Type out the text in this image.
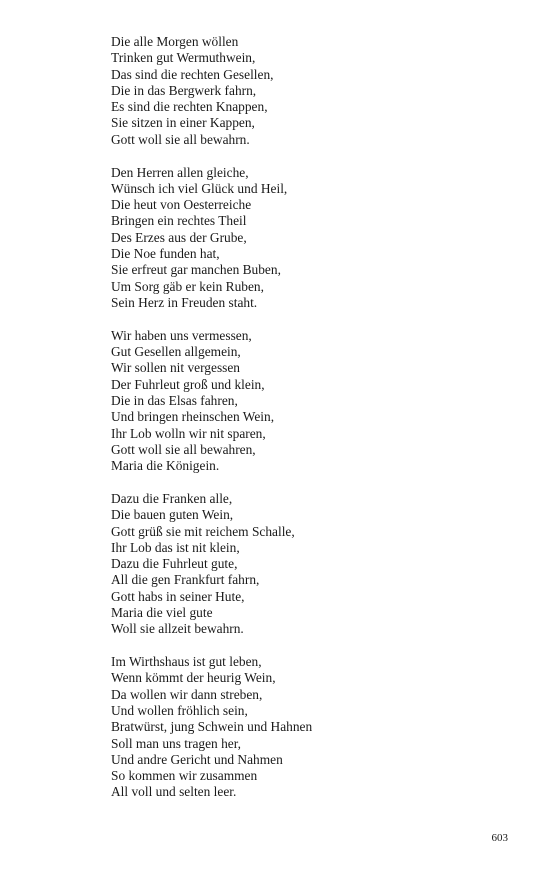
Die alle Morgen wöllen
Trinken gut Wermuthwein,
Das sind die rechten Gesellen,
Die in das Bergwerk fahrn,
Es sind die rechten Knappen,
Sie sitzen in einer Kappen,
Gott woll sie all bewahrn.
Den Herren allen gleiche,
Wünsch ich viel Glück und Heil,
Die heut von Oesterreiche
Bringen ein rechtes Theil
Des Erzes aus der Grube,
Die Noe funden hat,
Sie erfreut gar manchen Buben,
Um Sorg gäb er kein Ruben,
Sein Herz in Freuden staht.
Wir haben uns vermessen,
Gut Gesellen allgemein,
Wir sollen nit vergessen
Der Fuhrleut groß und klein,
Die in das Elsas fahren,
Und bringen rheinschen Wein,
Ihr Lob wolln wir nit sparen,
Gott woll sie all bewahren,
Maria die Königein.
Dazu die Franken alle,
Die bauen guten Wein,
Gott grüß sie mit reichem Schalle,
Ihr Lob das ist nit klein,
Dazu die Fuhrleut gute,
All die gen Frankfurt fahrn,
Gott habs in seiner Hute,
Maria die viel gute
Woll sie allzeit bewahrn.
Im Wirthshaus ist gut leben,
Wenn kömmt der heurig Wein,
Da wollen wir dann streben,
Und wollen fröhlich sein,
Bratwürst, jung Schwein und Hahnen
Soll man uns tragen her,
Und andre Gericht und Nahmen
So kommen wir zusammen
All voll und selten leer.
603
